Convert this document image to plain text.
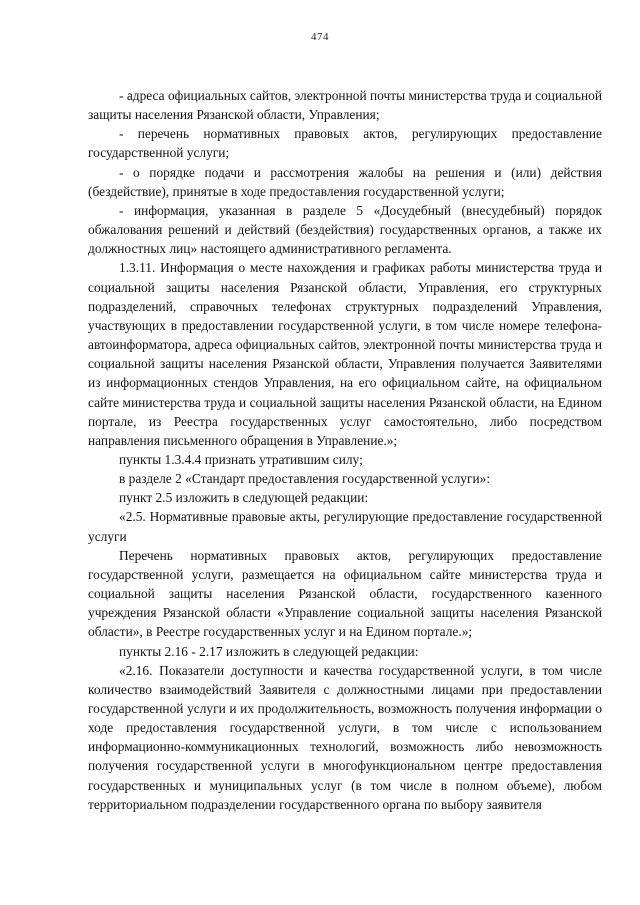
474

- адреса официальных сайтов, электронной почты министерства труда и социальной защиты населения Рязанской области, Управления;

- перечень нормативных правовых актов, регулирующих предоставление государственной услуги;

- о порядке подачи и рассмотрения жалобы на решения и (или) действия (бездействие), принятые в ходе предоставления государственной услуги;

- информация, указанная в разделе 5 «Досудебный (внесудебный) порядок обжалования решений и действий (бездействия) государственных органов, а также их должностных лиц» настоящего административного регламента.

1.3.11. Информация о месте нахождения и графиках работы министерства труда и социальной защиты населения Рязанской области, Управления, его структурных подразделений, справочных телефонах структурных подразделений Управления, участвующих в предоставлении государственной услуги, в том числе номере телефона-автоинформатора, адреса официальных сайтов, электронной почты министерства труда и социальной защиты населения Рязанской области, Управления получается Заявителями из информационных стендов Управления, на его официальном сайте, на официальном сайте министерства труда и социальной защиты населения Рязанской области, на Едином портале, из Реестра государственных услуг самостоятельно, либо посредством направления письменного обращения в Управление.»;

пункты 1.3.4.4 признать утратившим силу;

в разделе 2 «Стандарт предоставления государственной услуги»:

пункт 2.5 изложить в следующей редакции:

«2.5. Нормативные правовые акты, регулирующие предоставление государственной услуги

Перечень нормативных правовых актов, регулирующих предоставление государственной услуги, размещается на официальном сайте министерства труда и социальной защиты населения Рязанской области, государственного казенного учреждения Рязанской области «Управление социальной защиты населения Рязанской области», в Реестре государственных услуг и на Едином портале.»;

пункты 2.16 - 2.17 изложить в следующей редакции:

«2.16. Показатели доступности и качества государственной услуги, в том числе количество взаимодействий Заявителя с должностными лицами при предоставлении государственной услуги и их продолжительность, возможность получения информации о ходе предоставления государственной услуги, в том числе с использованием информационно-коммуникационных технологий, возможность либо невозможность получения государственной услуги в многофункциональном центре предоставления государственных и муниципальных услуг (в том числе в полном объеме), любом территориальном подразделении государственного органа по выбору заявителя
